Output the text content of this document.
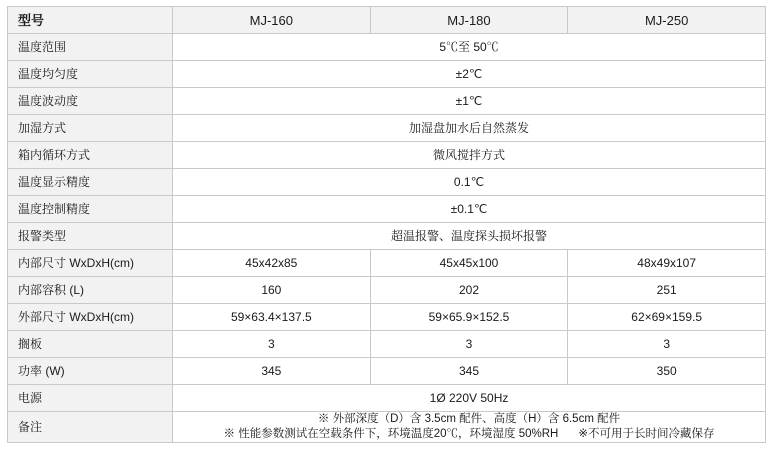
型号	MJ-160	MJ-180	MJ-250
温度范围	5℃至 50℃		
温度均匀度	±2℃		
温度波动度	±1℃		
加湿方式	加湿盘加水后自然蒸发		
箱内循环方式	微风搅拌方式		
温度显示精度	0.1℃		
温度控制精度	±0.1℃		
报警类型	超温报警、温度探头损坏报警		
内部尺寸 WxDxH(cm)	45x42x85	45x45x100	48x49x107
内部容积 (L)	160	202	251
外部尺寸 WxDxH(cm)	59×63.4×137.5	59×65.9×152.5	62×69×159.5
搁板	3	3	3
功率 (W)	345	345	350
电源	1Ø 220V 50Hz		
备注	※ 外部深度（D）含 3.5cm 配件、高度（H）含 6.5cm 配件
※ 性能参数测试在空载条件下，环境温度20℃，环境湿度 50%RH ※不可用于长时间冷藏保存		
